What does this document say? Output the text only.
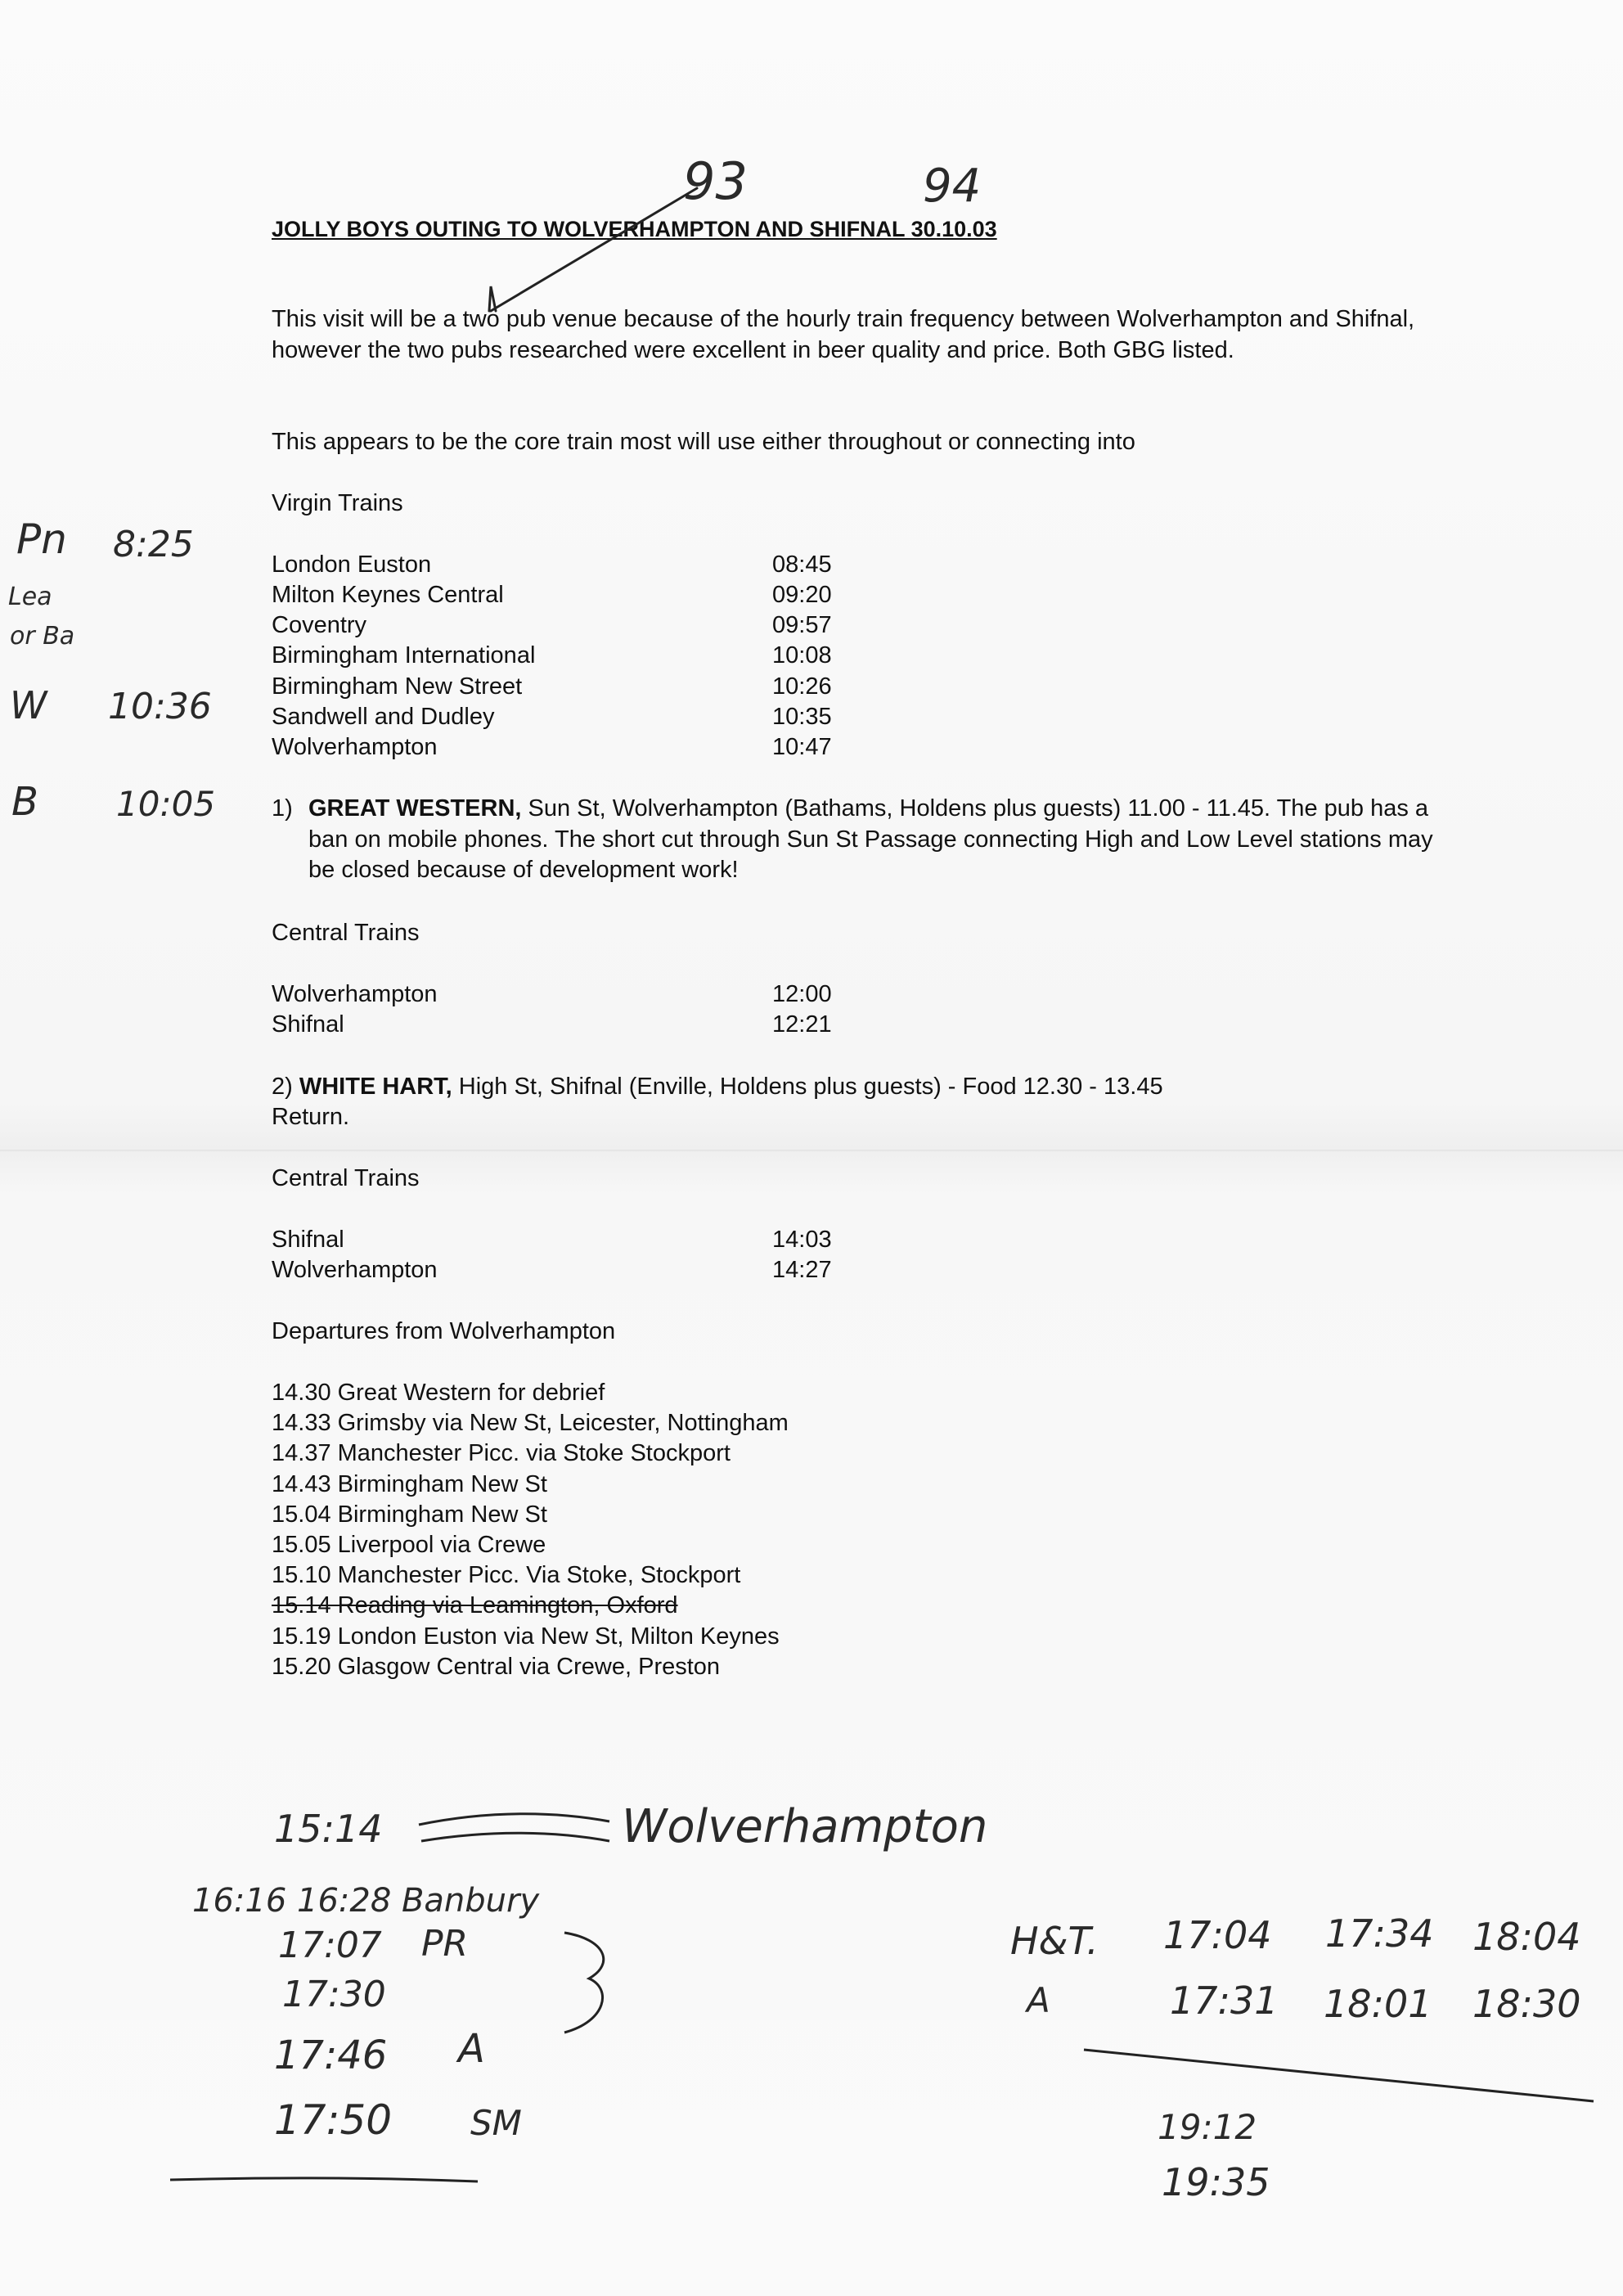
JOLLY BOYS OUTING TO WOLVERHAMPTON AND SHIFNAL 30.10.03
This visit will be a two pub venue because of the hourly train frequency between Wolverhampton and Shifnal, however the two pubs researched were excellent in beer quality and price. Both GBG listed.
This appears to be the core train most will use either throughout or connecting into
Virgin Trains
London Euston	08:45
Milton Keynes Central	09:20
Coventry	09:57
Birmingham International	10:08
Birmingham New Street	10:26
Sandwell and Dudley	10:35
Wolverhampton	10:47
1) GREAT WESTERN, Sun St, Wolverhampton (Bathams, Holdens plus guests) 11.00 - 11.45. The pub has a ban on mobile phones. The short cut through Sun St Passage connecting High and Low Level stations may be closed because of development work!
Central Trains
Wolverhampton	12:00
Shifnal	12:21
2) WHITE HART, High St, Shifnal (Enville, Holdens plus guests) - Food 12.30 - 13.45
Return.
Central Trains
Shifnal	14:03
Wolverhampton	14:27
Departures from Wolverhampton
14.30 Great Western for debrief
14.33 Grimsby via New St, Leicester, Nottingham
14.37 Manchester Picc. via Stoke Stockport
14.43 Birmingham New St
15.04 Birmingham New St
15.05 Liverpool via Crewe
15.10 Manchester Picc. Via Stoke, Stockport
15.14 Reading via Leamington, Oxford
15.19 London Euston via New St, Milton Keynes
15.20 Glasgow Central via Crewe, Preston
93	94
Pn 8:25
Lea
or Ba
W 10:36
B 10:05
15:14	Wolverhampton
16:16 16:28 Banbury
17:07 PR
17:30
17:46 A
17:50 SM
H&T. 17:04 17:34 18:04
A	17:31 18:01 18:30
19:12
19:35
